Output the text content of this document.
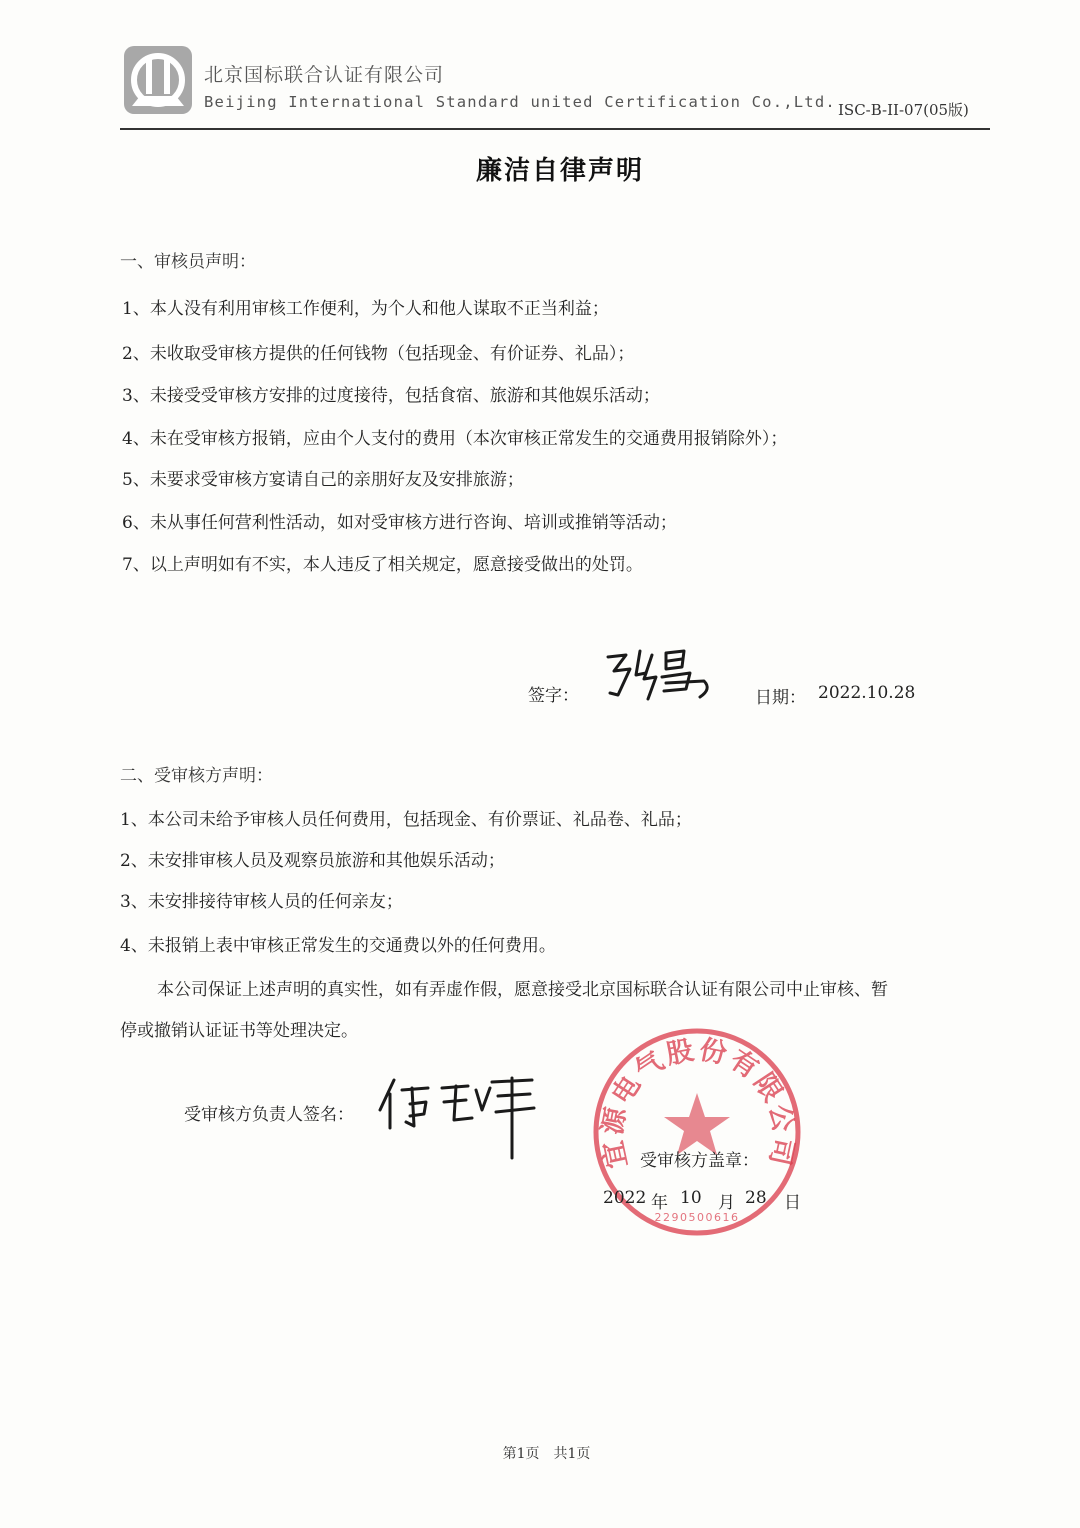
北京国标联合认证有限公司
Beijing International Standard united Certification Co.,Ltd. ISC-B-II-07(05版)
廉洁自律声明
一、审核员声明：
1、本人没有利用审核工作便利，为个人和他人谋取不正当利益；
2、未收取受审核方提供的任何钱物（包括现金、有价证券、礼品）；
3、未接受受审核方安排的过度接待，包括食宿、旅游和其他娱乐活动；
4、未在受审核方报销，应由个人支付的费用（本次审核正常发生的交通费用报销除外）；
5、未要求受审核方宴请自己的亲朋好友及安排旅游；
6、未从事任何营利性活动，如对受审核方进行咨询、培训或推销等活动；
7、以上声明如有不实，本人违反了相关规定，愿意接受做出的处罚。
签字：	日期： 2022.10.28
二、受审核方声明：
1、本公司未给予审核人员任何费用，包括现金、有价票证、礼品卷、礼品；
2、未安排审核人员及观察员旅游和其他娱乐活动；
3、未安排接待审核人员的任何亲友；
4、未报销上表中审核正常发生的交通费以外的任何费用。
本公司保证上述声明的真实性，如有弄虚作假，愿意接受北京国标联合认证有限公司中止审核、暂
停或撤销认证证书等处理决定。
受审核方负责人签名：
宜源电气股份有限公司
2290500616
受审核方盖章：
2022 年 10 月 28 日
第1页　共1页
